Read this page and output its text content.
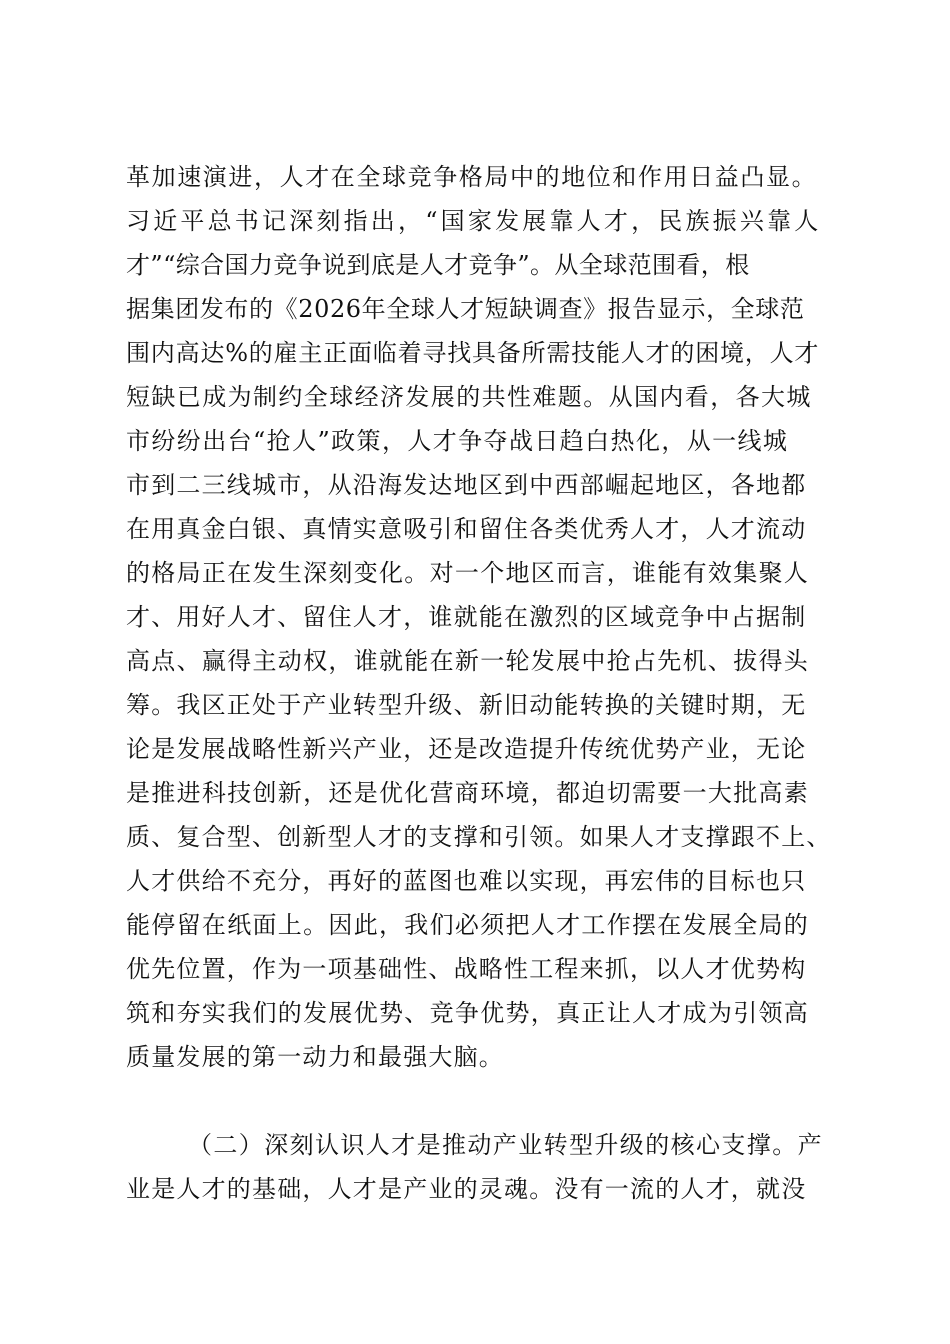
革加速演进，人才在全球竞争格局中的地位和作用日益凸显。
习近平总书记深刻指出，“国家发展靠人才，民族振兴靠人
才”“综合国力竞争说到底是人才竞争”。从全球范围看，根
据集团发布的《2026年全球人才短缺调查》报告显示，全球范
围内高达%的雇主正面临着寻找具备所需技能人才的困境，人才
短缺已成为制约全球经济发展的共性难题。从国内看，各大城
市纷纷出台“抢人”政策，人才争夺战日趋白热化，从一线城
市到二三线城市，从沿海发达地区到中西部崛起地区，各地都
在用真金白银、真情实意吸引和留住各类优秀人才，人才流动
的格局正在发生深刻变化。对一个地区而言，谁能有效集聚人
才、用好人才、留住人才，谁就能在激烈的区域竞争中占据制
高点、赢得主动权，谁就能在新一轮发展中抢占先机、拔得头
筹。我区正处于产业转型升级、新旧动能转换的关键时期，无
论是发展战略性新兴产业，还是改造提升传统优势产业，无论
是推进科技创新，还是优化营商环境，都迫切需要一大批高素
质、复合型、创新型人才的支撑和引领。如果人才支撑跟不上、
人才供给不充分，再好的蓝图也难以实现，再宏伟的目标也只
能停留在纸面上。因此，我们必须把人才工作摆在发展全局的
优先位置，作为一项基础性、战略性工程来抓，以人才优势构
筑和夯实我们的发展优势、竞争优势，真正让人才成为引领高
质量发展的第一动力和最强大脑。
（二）深刻认识人才是推动产业转型升级的核心支撑。产
业是人才的基础，人才是产业的灵魂。没有一流的人才，就没
